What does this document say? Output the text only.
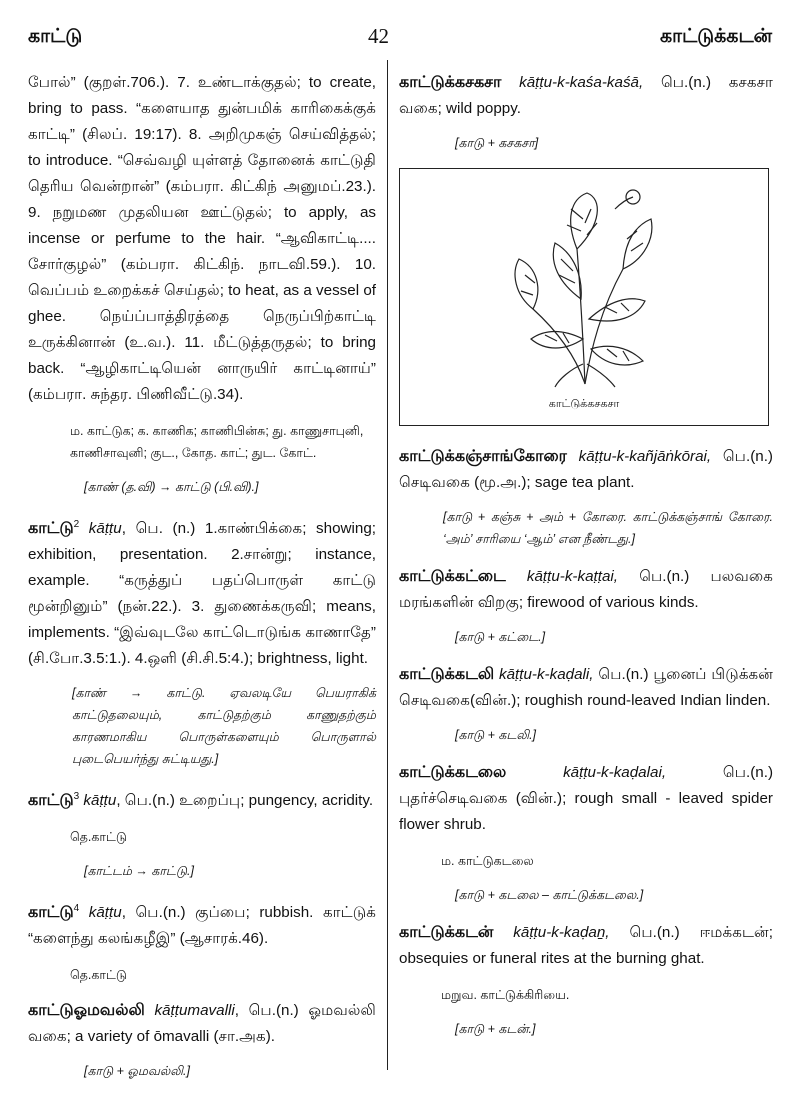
காட்டு	42	காட்டுக்கடன்

போல்” (குறள்.706.). 7. உண்டாக்குதல்; to create, bring to pass. “களையாத துன்பமிக் காரிகைக்குக் காட்டி” (சிலப். 19:17). 8. அறிமுகஞ் செய்வித்தல்; to introduce. “செவ்வழி யுள்ளத் தோனைக் காட்டுதி தெரிய வென்றான்” (கம்பரா. கிட்கிந் அனுமப்.23.). 9. நறுமண முதலியன ஊட்டுதல்; to apply, as incense or perfume to the hair. “ஆவிகாட்டி.... சோர்குழல்” (கம்பரா. கிட்கிந். நாடவி.59.). 10. வெப்பம் உறைக்கச் செய்தல்; to heat, as a vessel of ghee. நெய்ப்பாத்திரத்தை நெருப்பிற்காட்டி உருக்கினான் (உ.வ.). 11. மீட்டுத்தருதல்; to bring back. “ஆழிகாட்டியென் னாருயிர் காட்டினாய்” (கம்பரா. சுந்தர. பிணிவீட்டு.34).

ம. காட்டுக; க. காணிக; காணிபின்சு; து. காணுசாபுனி, காணிசாவுனி; குட., கோத. காட்; துட. கோட்.

[காண் (த.வி) → காட்டு (பி.வி).]

காட்டு$^2$ kāṭṭu, பெ. (n.) 1.காண்பிக்கை; showing; exhibition, presentation. 2.சான்று; instance, example. “கருத்துப் பதப்பொருள் காட்டு மூன்றினும்” (நன்.22.). 3. துணைக்கருவி; means, implements. “இவ்வுடலே காட்டொடுங்க காணாதே” (சி.போ.3.5:1.). 4.ஒளி (சி.சி.5:4.); brightness, light.

[காண் → காட்டு. ஏவலடியே பெயராகிக் காட்டுதலையும், காட்டுதற்கும் காணுதற்கும் காரணமாகிய பொருள்களையும் பொருளால் புடைபெயர்ந்து சுட்டியது.]

காட்டு$^3$ kāṭṭu, பெ.(n.) உறைப்பு; pungency, acridity.

தெ.காட்டு

[காட்டம் → காட்டு.]

காட்டு$^4$ kāṭṭu, பெ.(n.) குப்பை; rubbish. காட்டுக் “களைந்து கலங்கழீஇ” (ஆசாரக்.46).

தெ.காட்டு

காட்டுஓமவல்லி kāṭṭumavalli, பெ.(n.) ஓமவல்லி வகை; a variety of ōmavalli (சா.அக).

[காடு + ஓமவல்லி.]

காட்டுக்கசகசா kāṭṭu-k-kaśa-kaśā, பெ.(n.) கசகசா வகை; wild poppy.

[காடு + கசகசா]

காட்டுக்கசகசா

காட்டுக்கஞ்சாங்கோரை kāṭṭu-k-kañjāṅkōrai, பெ.(n.) செடிவகை (மூ.அ.); sage tea plant.

[காடு + கஞ்சு + அம் + கோரை. காட்டுக்கஞ்சாங் கோரை. ‘அம்’ சாரியை ‘ஆம்’ என நீண்டது.]

காட்டுக்கட்டை kāṭṭu-k-kaṭṭai, பெ.(n.) பலவகை மரங்களின் விறகு; firewood of various kinds.

[காடு + கட்டை.]

காட்டுக்கடலி kāṭṭu-k-kaḍali, பெ.(n.) பூனைப் பிடுக்கன் செடிவகை(வின்.); roughish round-leaved Indian linden.

[காடு + கடலி.]

காட்டுக்கடலை	kāṭṭu-k-kaḍalai,	பெ.(n.) புதர்ச்செடிவகை (வின்.); rough small - leaved spider flower shrub.

ம. காட்டுகடலை

[காடு + கடலை – காட்டுக்கடலை.]

காட்டுக்கடன் kāṭṭu-k-kaḍaṉ, பெ.(n.) ஈமக்கடன்; obsequies or funeral rites at the burning ghat.

மறுவ. காட்டுக்கிரியை.

[காடு + கடன்.]
